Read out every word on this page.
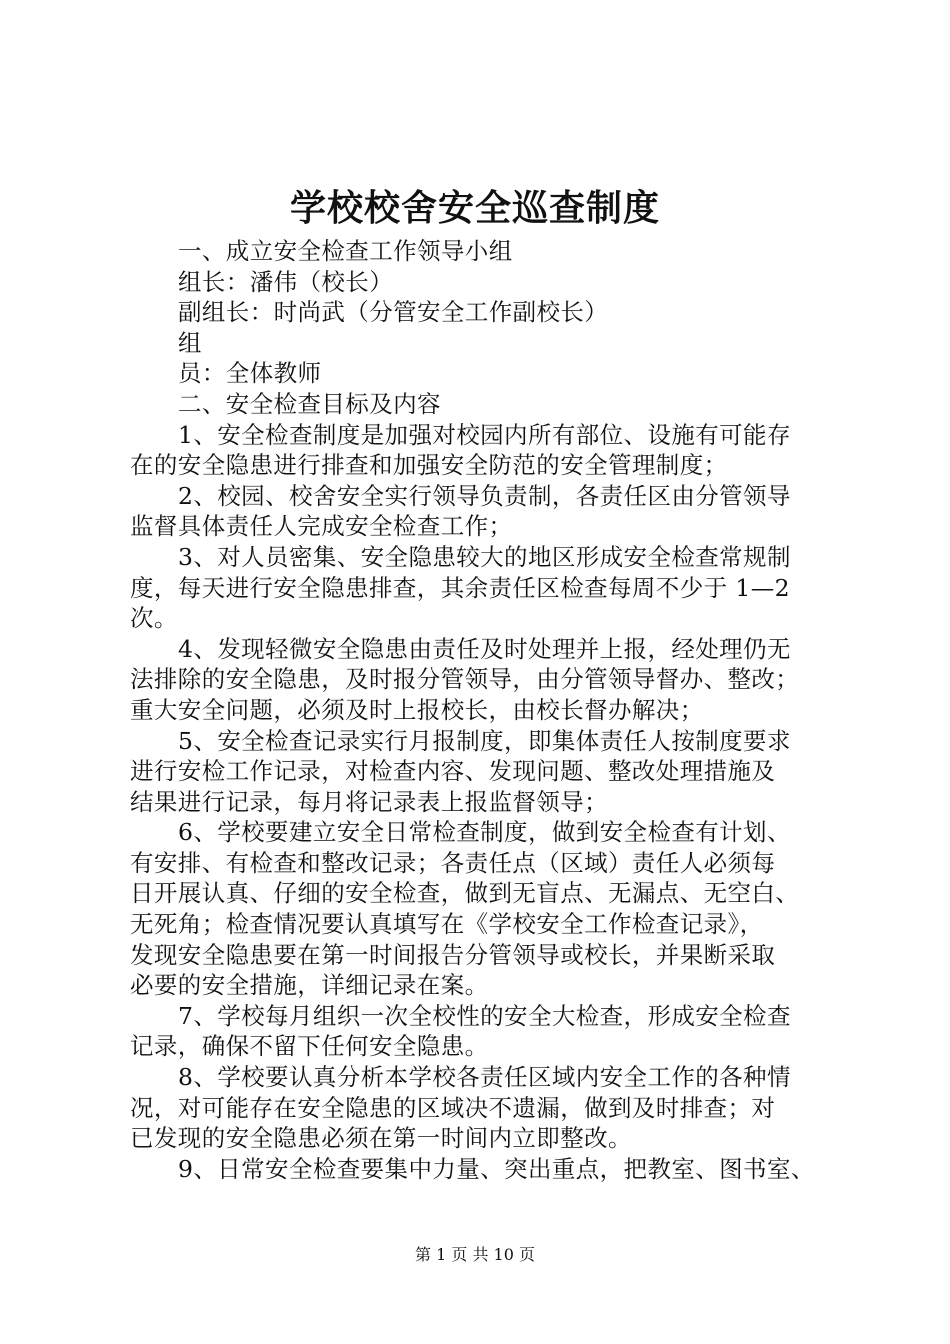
学校校舍安全巡查制度
一、成立安全检查工作领导小组
组长：潘伟（校长）
副组长：时尚武（分管安全工作副校长）
组
员：全体教师
二、安全检查目标及内容
1、安全检查制度是加强对校园内所有部位、设施有可能存
在的安全隐患进行排查和加强安全防范的安全管理制度；
2、校园、校舍安全实行领导负责制，各责任区由分管领导
监督具体责任人完成安全检查工作；
3、对人员密集、安全隐患较大的地区形成安全检查常规制
度，每天进行安全隐患排查，其余责任区检查每周不少于 1—2
次。
4、发现轻微安全隐患由责任及时处理并上报，经处理仍无
法排除的安全隐患，及时报分管领导，由分管领导督办、整改；
重大安全问题，必须及时上报校长，由校长督办解决；
5、安全检查记录实行月报制度，即集体责任人按制度要求
进行安检工作记录，对检查内容、发现问题、整改处理措施及
结果进行记录，每月将记录表上报监督领导；
6、学校要建立安全日常检查制度，做到安全检查有计划、
有安排、有检查和整改记录；各责任点（区域）责任人必须每
日开展认真、仔细的安全检查，做到无盲点、无漏点、无空白、
无死角；检查情况要认真填写在《学校安全工作检查记录》，
发现安全隐患要在第一时间报告分管领导或校长，并果断采取
必要的安全措施，详细记录在案。
7、学校每月组织一次全校性的安全大检查，形成安全检查
记录，确保不留下任何安全隐患。
8、学校要认真分析本学校各责任区域内安全工作的各种情
况，对可能存在安全隐患的区域决不遗漏，做到及时排查；对
已发现的安全隐患必须在第一时间内立即整改。
9、日常安全检查要集中力量、突出重点，把教室、图书室、
第 1 页 共 10 页
